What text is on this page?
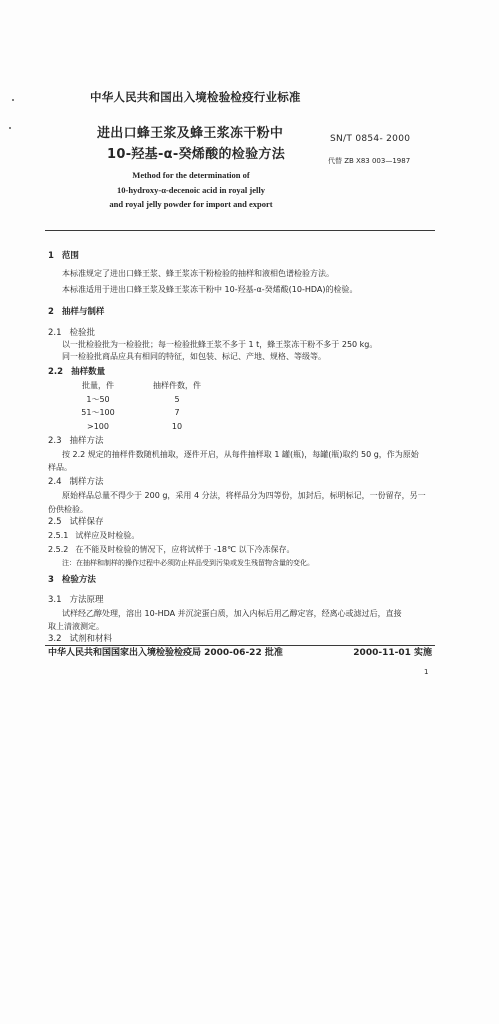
中华人民共和国出入境检验检疫行业标准
进出口蜂王浆及蜂王浆冻干粉中
10-羟基-α-癸烯酸的检验方法
SN/T 0854- 2000
代替 ZB X83 003—1987
Method for the determination of
10-hydroxy-α-decenoic acid in royal jelly
and royal jelly powder for import and export
1 范围
本标准规定了进出口蜂王浆、蜂王浆冻干粉检验的抽样和液相色谱检验方法。
本标准适用于进出口蜂王浆及蜂王浆冻干粉中 10-羟基-α-癸烯酸(10-HDA)的检验。
2 抽样与制样
2.1 检验批
以一批检验批为一检验批；每一检验批蜂王浆不多于 1 t，蜂王浆冻干粉不多于 250 kg。
同一检验批商品应具有相同的特征，如包装、标记、产地、规格、等级等。
2.2 抽样数量
批量，件	抽样件数，件
1～50	5
51～100	7
>100	10
2.3 抽样方法
按 2.2 规定的抽样件数随机抽取，逐件开启，从每件抽样取 1 罐(瓶)，每罐(瓶)取约 50 g，作为原始
样品。
2.4 制样方法
原始样品总量不得少于 200 g，采用 4 分法，将样品分为四等份，加封后，标明标记，一份留存，另一
份供检验。
2.5 试样保存
2.5.1 试样应及时检验。
2.5.2 在不能及时检验的情况下，应将试样于 -18℃ 以下冷冻保存。
注：在抽样和制样的操作过程中必须防止样品受到污染或发生残留物含量的变化。
3 检验方法
3.1 方法原理
试样经乙醇处理，溶出 10-HDA 并沉淀蛋白质，加入内标后用乙醇定容，经离心或滤过后，直接
取上清液测定。
3.2 试剂和材料
中华人民共和国国家出入境检验检疫局 2000-06-22 批准	2000-11-01 实施
1
